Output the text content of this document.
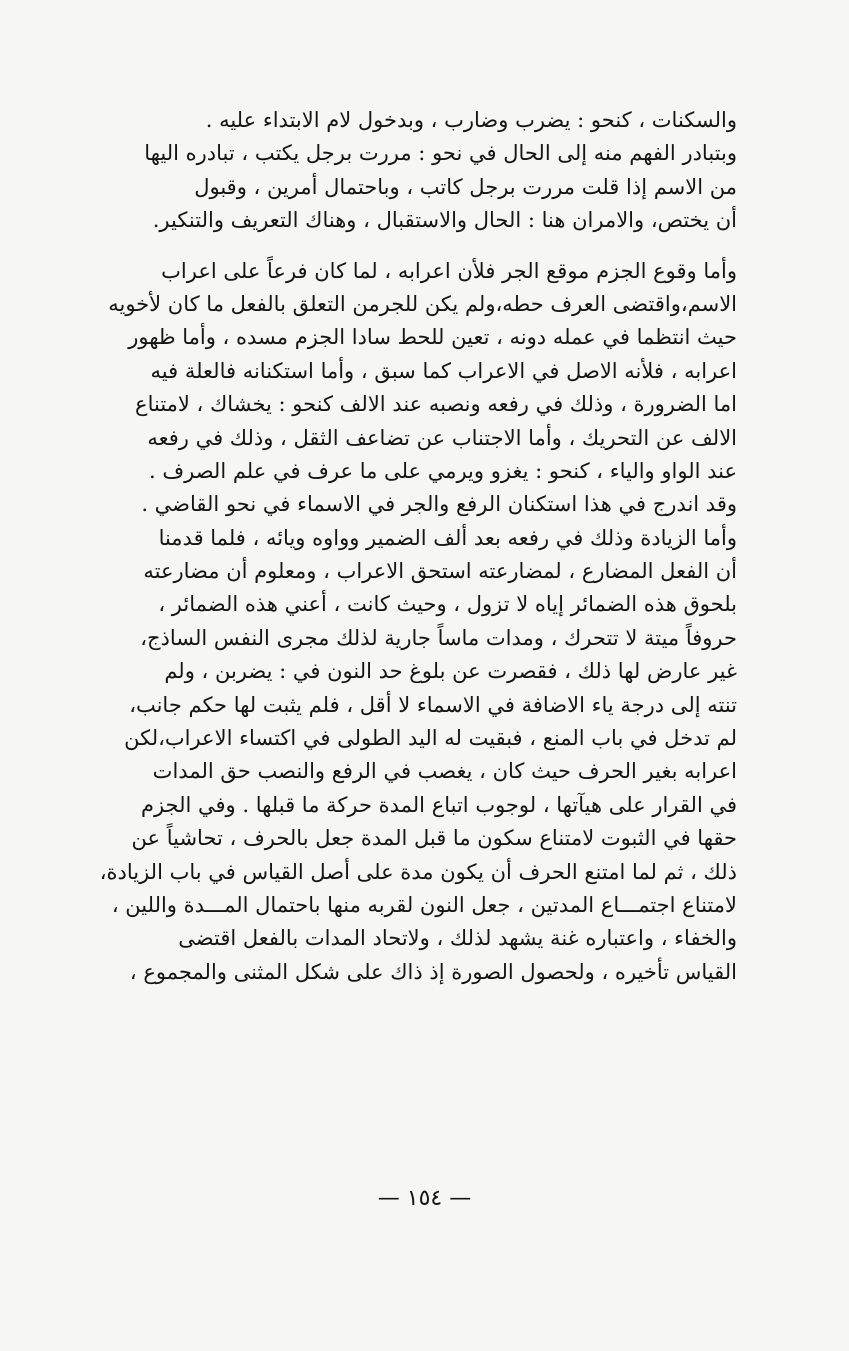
والسكنات ، كنحو : يضرب وضارب ، وبدخول لام الابتداء عليه .
وبتبادر الفهم منه إلى الحال في نحو : مررت برجل يكتب ، تبادره اليها
من الاسم إذا قلت مررت برجل كاتب ، وباحتمال أمرين ، وقبول
أن يختص، والامران هنا : الحال والاستقبال ، وهناك التعريف والتنكير.
وأما وقوع الجزم موقع الجر فلأن اعرابه ، لما كان فرعاً على اعراب
الاسم،واقتضى العرف حطه،ولم يكن للجرمن التعلق بالفعل ما كان لأخويه
حيث انتظما في عمله دونه ، تعين للحط سادا الجزم مسده ، وأما ظهور
اعرابه ، فلأنه الاصل في الاعراب كما سبق ، وأما استكنانه فالعلة فيه
اما الضرورة ، وذلك في رفعه ونصبه عند الالف كنحو : يخشاك ، لامتناع
الالف عن التحريك ، وأما الاجتناب عن تضاعف الثقل ، وذلك في رفعه
عند الواو والياء ، كنحو : يغزو ويرمي على ما عرف في علم الصرف .
وقد اندرج في هذا استكنان الرفع والجر في الاسماء في نحو القاضي .
وأما الزيادة وذلك في رفعه بعد ألف الضمير وواوه ويائه ، فلما قدمنا
أن الفعل المضارع ، لمضارعته استحق الاعراب ، ومعلوم أن مضارعته
بلحوق هذه الضمائر إياه لا تزول ، وحيث كانت ، أعني هذه الضمائر ،
حروفاً ميتة لا تتحرك ، ومدات ماساً جارية لذلك مجرى النفس الساذج،
غير عارض لها ذلك ، فقصرت عن بلوغ حد النون في : يضربن ، ولم
تنته إلى درجة ياء الاضافة في الاسماء لا أقل ، فلم يثبت لها حكم جانب،
لم تدخل في باب المنع ، فبقيت له اليد الطولى في اكتساء الاعراب،لكن
اعرابه بغير الحرف حيث كان ، يغصب في الرفع والنصب حق المدات
في القرار على هيآتها ، لوجوب اتباع المدة حركة ما قبلها . وفي الجزم
حقها في الثبوت لامتناع سكون ما قبل المدة جعل بالحرف ، تحاشياً عن
ذلك ، ثم لما امتنع الحرف أن يكون مدة على أصل القياس في باب الزيادة،
لامتناع اجتمـــاع المدتين ، جعل النون لقربه منها باحتمال المـــدة واللين ،
والخفاء ، واعتباره غنة يشهد لذلك ، ولاتحاد المدات بالفعل اقتضى
القياس تأخيره ، ولحصول الصورة إذ ذاك على شكل المثنى والمجموع ،
— ١٥٤ —
